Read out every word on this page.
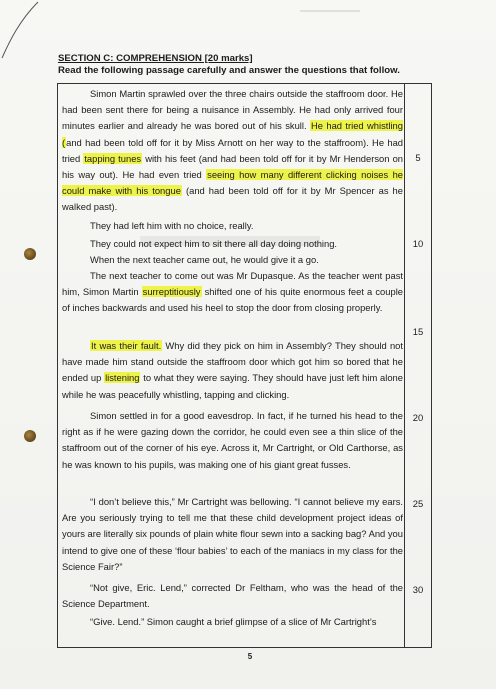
SECTION C: COMPREHENSION [20 marks]
Read the following passage carefully and answer the questions that follow.

Simon Martin sprawled over the three chairs outside the staffroom door. He had been sent there for being a nuisance in Assembly. He had only arrived four minutes earlier and already he was bored out of his skull. He had tried whistling (and had been told off for it by Miss Arnott on her way to the staffroom). He had tried tapping tunes with his feet (and had been told off for it by Mr Henderson on his way out). He had even tried seeing how many different clicking noises he could make with his tongue (and had been told off for it by Mr Spencer as he walked past).

They had left him with no choice, really.

They could not expect him to sit there all day doing nothing.

When the next teacher came out, he would give it a go.

The next teacher to come out was Mr Dupasque. As the teacher went past him, Simon Martin surreptitiously shifted one of his quite enormous feet a couple of inches backwards and used his heel to stop the door from closing properly.

It was their fault. Why did they pick on him in Assembly? They should not have made him stand outside the staffroom door which got him so bored that he ended up listening to what they were saying. They should have just left him alone while he was peacefully whistling, tapping and clicking.

Simon settled in for a good eavesdrop. In fact, if he turned his head to the right as if he were gazing down the corridor, he could even see a thin slice of the staffroom out of the corner of his eye. Across it, Mr Cartright, or Old Carthorse, as he was known to his pupils, was making one of his giant great fusses.

“I don’t believe this,” Mr Cartright was bellowing. “I cannot believe my ears. Are you seriously trying to tell me that these child development project ideas of yours are literally six pounds of plain white flour sewn into a sacking bag? And you intend to give one of these ‘flour babies’ to each of the maniacs in my class for the Science Fair?”

“Not give, Eric. Lend,” corrected Dr Feltham, who was the head of the Science Department.

“Give. Lend.” Simon caught a brief glimpse of a slice of Mr Cartright’s

5
10
15
20
25
30
5
